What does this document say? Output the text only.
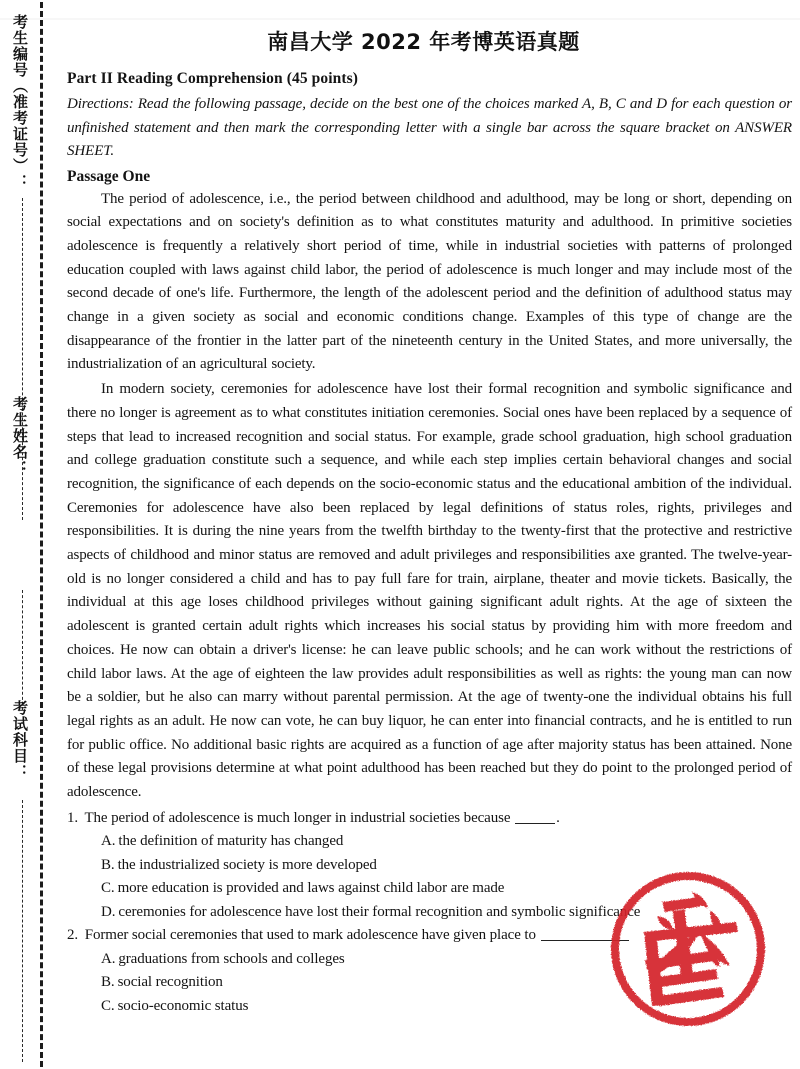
考生编号（准考证号）：
考生姓名：
考试科目：
南昌大学 2022 年考博英语真题
Part II Reading Comprehension (45 points)
Directions: Read the following passage, decide on the best one of the choices marked A, B, C and D for each question or unfinished statement and then mark the corresponding letter with a single bar across the square bracket on ANSWER SHEET.
Passage One

The period of adolescence, i.e., the period between childhood and adulthood, may be long or short, depending on social expectations and on society's definition as to what constitutes maturity and adulthood. In primitive societies adolescence is frequently a relatively short period of time, while in industrial societies with patterns of prolonged education coupled with laws against child labor, the period of adolescence is much longer and may include most of the second decade of one's life. Furthermore, the length of the adolescent period and the definition of adulthood status may change in a given society as social and economic conditions change. Examples of this type of change are the disappearance of the frontier in the latter part of the nineteenth century in the United States, and more universally, the industrialization of an agricultural society.

In modern society, ceremonies for adolescence have lost their formal recognition and symbolic significance and there no longer is agreement as to what constitutes initiation ceremonies. Social ones have been replaced by a sequence of steps that lead to increased recognition and social status. For example, grade school graduation, high school graduation and college graduation constitute such a sequence, and while each step implies certain behavioral changes and social recognition, the significance of each depends on the socio-economic status and the educational ambition of the individual. Ceremonies for adolescence have also been replaced by legal definitions of status roles, rights, privileges and responsibilities. It is during the nine years from the twelfth birthday to the twenty-first that the protective and restrictive aspects of childhood and minor status are removed and adult privileges and responsibilities axe granted. The twelve-year-old is no longer considered a child and has to pay full fare for train, airplane, theater and movie tickets. Basically, the individual at this age loses childhood privileges without gaining significant adult rights. At the age of sixteen the adolescent is granted certain adult rights which increases his social status by providing him with more freedom and choices. He now can obtain a driver's license: he can leave public schools; and he can work without the restrictions of child labor laws. At the age of eighteen the law provides adult responsibilities as well as rights: the young man can now be a soldier, but he also can marry without parental permission. At the age of twenty-one the individual obtains his full legal rights as an adult. He now can vote, he can buy liquor, he can enter into financial contracts, and he is entitled to run for public office. No additional basic rights are acquired as a function of age after majority status has been attained. None of these legal provisions determine at what point adulthood has been reached but they do point to the prolonged period of adolescence.

1. The period of adolescence is much longer in industrial societies because	.
A. the definition of maturity has changed
B. the industrialized society is more developed
C. more education is provided and laws against child labor are made
D. ceremonies for adolescence have lost their formal recognition and symbolic significance
2. Former social ceremonies that used to mark adolescence have given place to
A. graduations from schools and colleges
B. social recognition
C. socio-economic status
